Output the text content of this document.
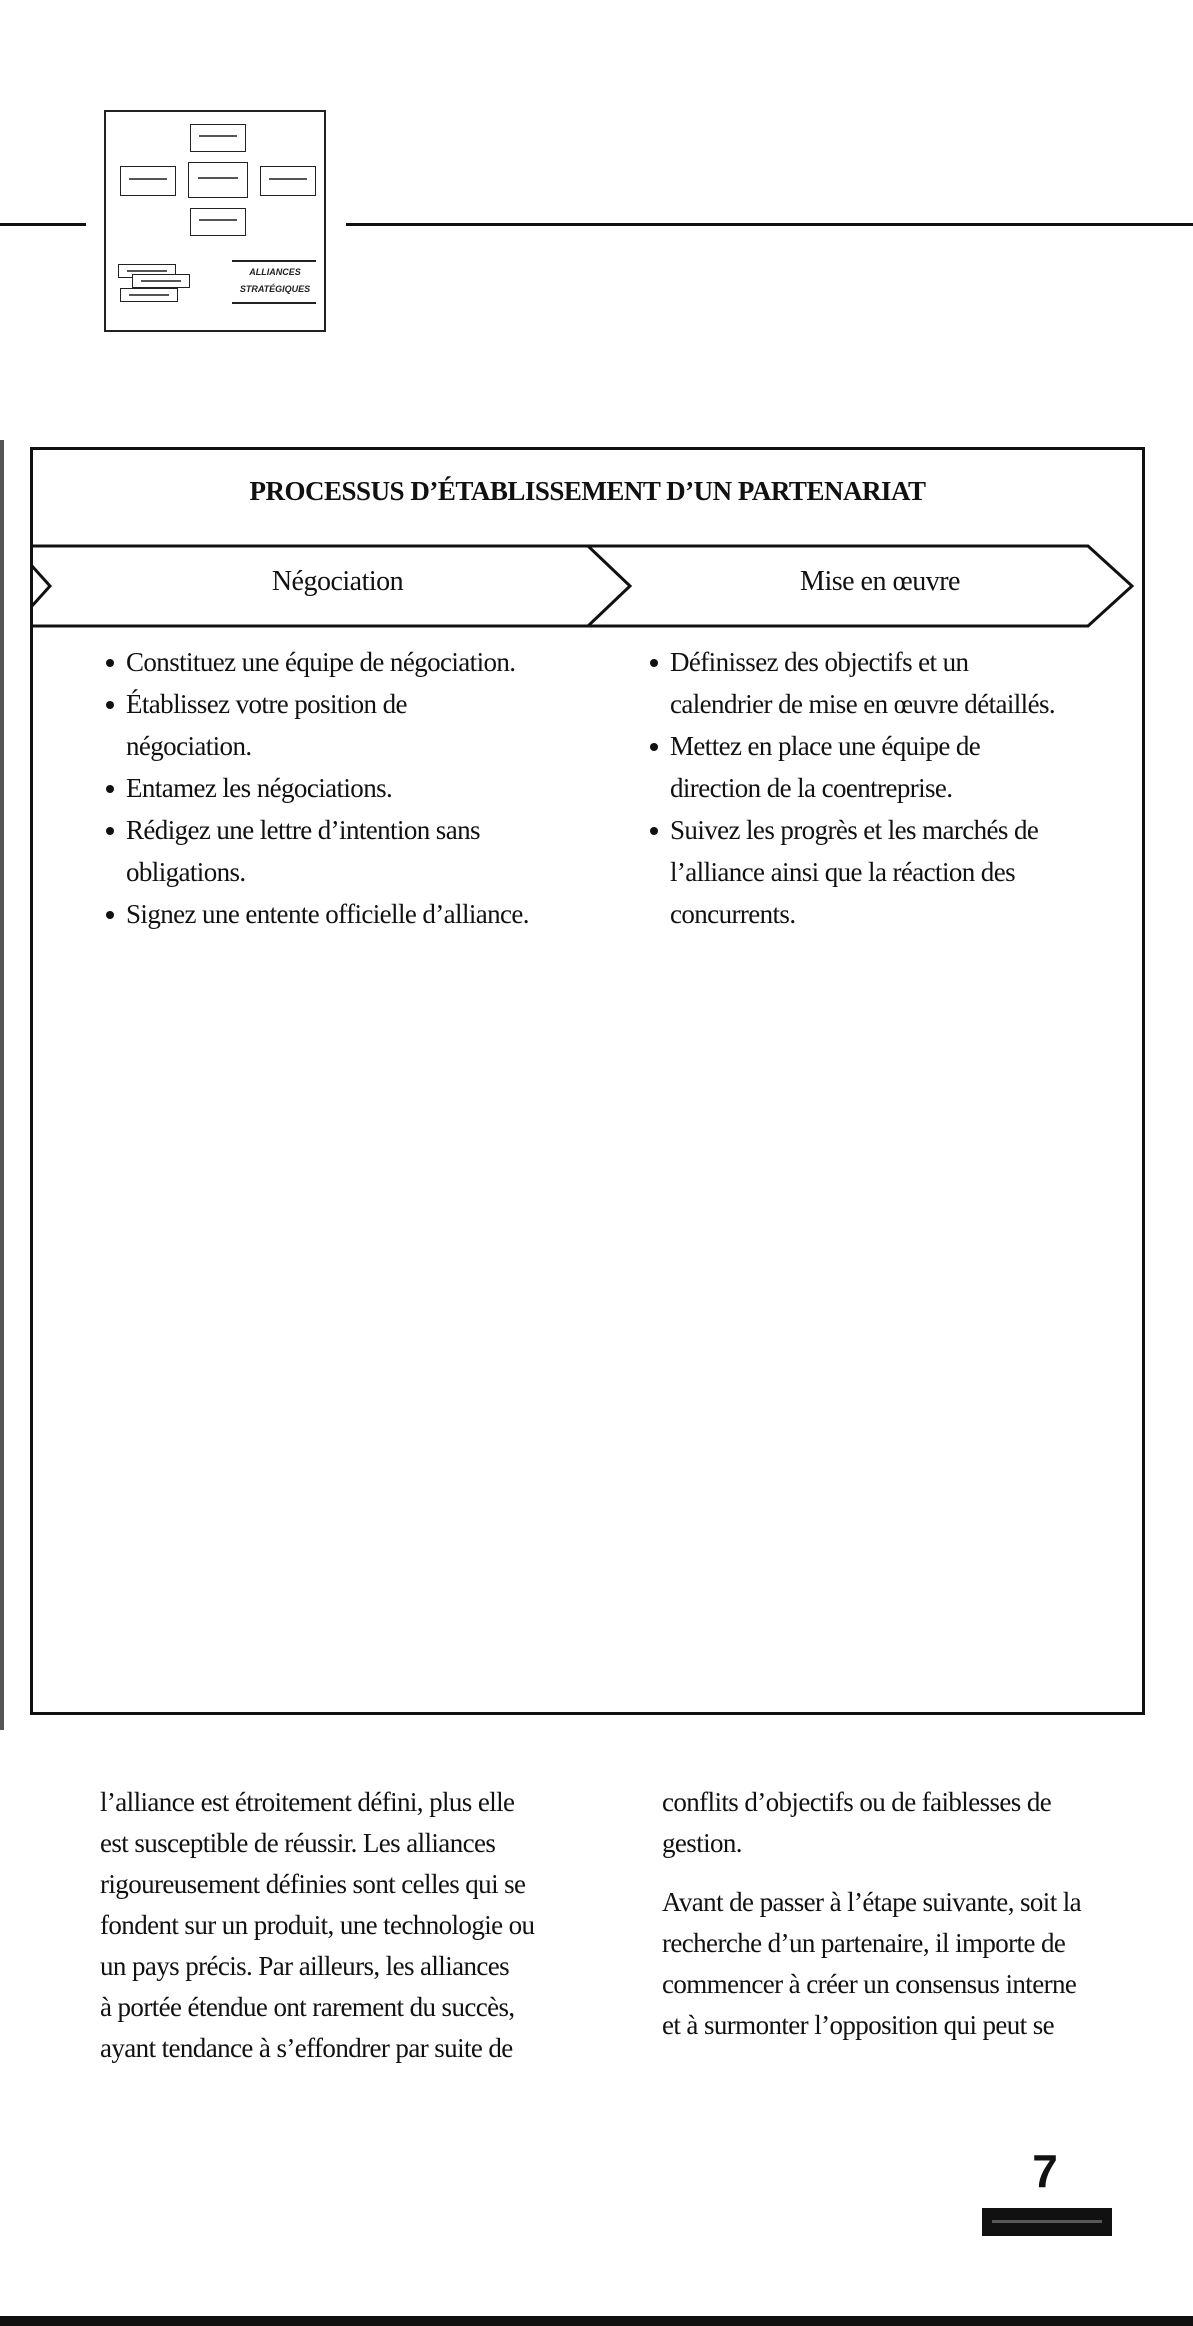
ALLIANCES
STRATÉGIQUES
PROCESSUS D’ÉTABLISSEMENT D’UN PARTENARIAT
Négociation	Mise en œuvre
Constituez une équipe de négociation.
Établissez votre position de
négociation.
Entamez les négociations.
Rédigez une lettre d’intention sans
obligations.
Signez une entente officielle d’alliance.
Définissez des objectifs et un
calendrier de mise en œuvre détaillés.
Mettez en place une équipe de
direction de la coentreprise.
Suivez les progrès et les marchés de
l’alliance ainsi que la réaction des
concurrents.

l’alliance est étroitement défini, plus elle
est susceptible de réussir. Les alliances
rigoureusement définies sont celles qui se
fondent sur un produit, une technologie ou
un pays précis. Par ailleurs, les alliances
à portée étendue ont rarement du succès,
ayant tendance à s’effondrer par suite de

conflits d’objectifs ou de faiblesses de
gestion.

Avant de passer à l’étape suivante, soit la
recherche d’un partenaire, il importe de
commencer à créer un consensus interne
et à surmonter l’opposition qui peut se

7
